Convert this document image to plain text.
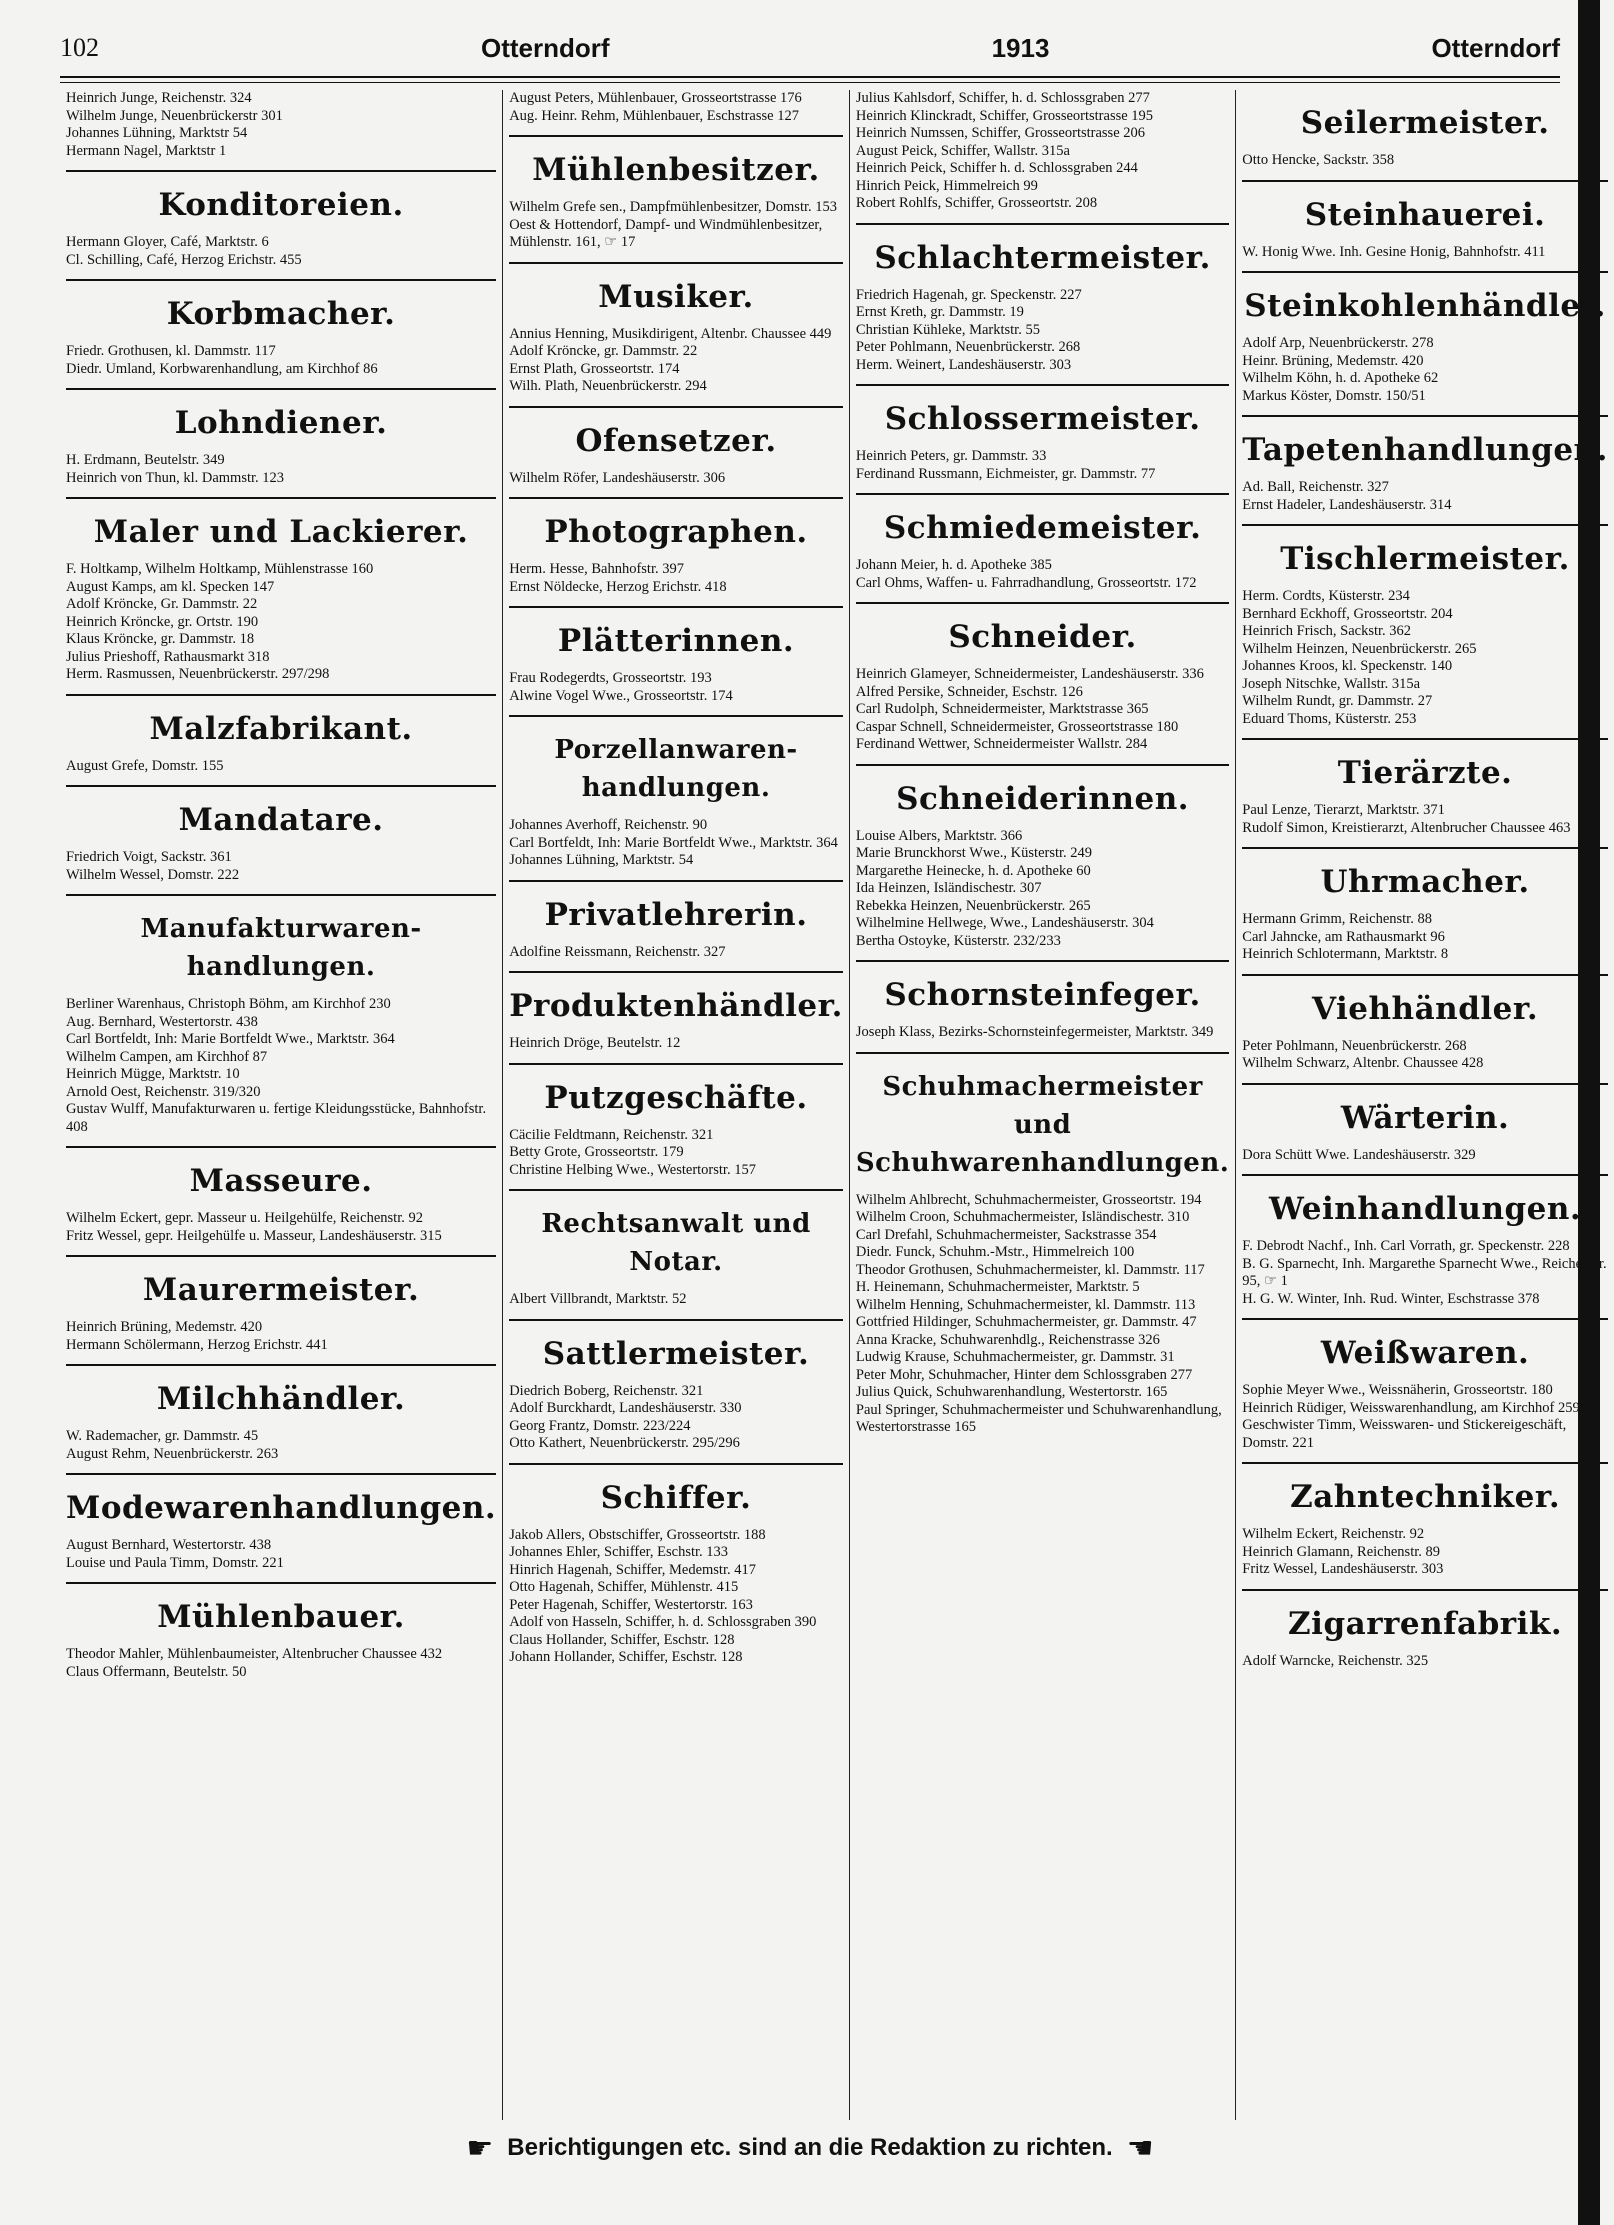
102	Otterndorf	1913	Otterndorf

Heinrich Junge, Reichenstr. 324

Wilhelm Junge, Neuenbrückerstr 301

Johannes Lühning, Marktstr 54

Hermann Nagel, Marktstr 1

Konditoreien.

Hermann Gloyer, Café, Marktstr. 6

Cl. Schilling, Café, Herzog Erichstr. 455

Korbmacher.

Friedr. Grothusen, kl. Dammstr. 117

Diedr. Umland, Korbwarenhandlung, am Kirchhof 86

Lohndiener.

H. Erdmann, Beutelstr. 349

Heinrich von Thun, kl. Dammstr. 123

Maler und Lackierer.

F. Holtkamp, Wilhelm Holtkamp, Mühlenstrasse 160

August Kamps, am kl. Specken 147

Adolf Kröncke, Gr. Dammstr. 22

Heinrich Kröncke, gr. Ortstr. 190

Klaus Kröncke, gr. Dammstr. 18

Julius Prieshoff, Rathausmarkt 318

Herm. Rasmussen, Neuenbrückerstr. 297/298

Malzfabrikant.

August Grefe, Domstr. 155

Mandatare.

Friedrich Voigt, Sackstr. 361

Wilhelm Wessel, Domstr. 222

Manufakturwaren-handlungen.

Berliner Warenhaus, Christoph Böhm, am Kirchhof 230

Aug. Bernhard, Westertorstr. 438

Carl Bortfeldt, Inh: Marie Bortfeldt Wwe., Marktstr. 364

Wilhelm Campen, am Kirchhof 87

Heinrich Mügge, Marktstr. 10

Arnold Oest, Reichenstr. 319/320

Gustav Wulff, Manufakturwaren u. fertige Kleidungsstücke, Bahnhofstr. 408

Masseure.

Wilhelm Eckert, gepr. Masseur u. Heilgehülfe, Reichenstr. 92

Fritz Wessel, gepr. Heilgehülfe u. Masseur, Landeshäuserstr. 315

Maurermeister.

Heinrich Brüning, Medemstr. 420

Hermann Schölermann, Herzog Erichstr. 441

Milchhändler.

W. Rademacher, gr. Dammstr. 45

August Rehm, Neuenbrückerstr. 263

Modewarenhandlungen.

August Bernhard, Westertorstr. 438

Louise und Paula Timm, Domstr. 221

Mühlenbauer.

Theodor Mahler, Mühlenbaumeister, Altenbrucher Chaussee 432

Claus Offermann, Beutelstr. 50

August Peters, Mühlenbauer, Grosseortstrasse 176

Aug. Heinr. Rehm, Mühlenbauer, Eschstrasse 127

Mühlenbesitzer.

Wilhelm Grefe sen., Dampfmühlenbesitzer, Domstr. 153

Oest & Hottendorf, Dampf- und Windmühlenbesitzer, Mühlenstr. 161, ☞ 17

Musiker.

Annius Henning, Musikdirigent, Altenbr. Chaussee 449

Adolf Kröncke, gr. Dammstr. 22

Ernst Plath, Grosseortstr. 174

Wilh. Plath, Neuenbrückerstr. 294

Ofensetzer.

Wilhelm Röfer, Landeshäuserstr. 306

Photographen.

Herm. Hesse, Bahnhofstr. 397

Ernst Nöldecke, Herzog Erichstr. 418

Plätterinnen.

Frau Rodegerdts, Grosseortstr. 193

Alwine Vogel Wwe., Grosseortstr. 174

Porzellanwaren-handlungen.

Johannes Averhoff, Reichenstr. 90

Carl Bortfeldt, Inh: Marie Bortfeldt Wwe., Marktstr. 364

Johannes Lühning, Marktstr. 54

Privatlehrerin.

Adolfine Reissmann, Reichenstr. 327

Produktenhändler.

Heinrich Dröge, Beutelstr. 12

Putzgeschäfte.

Cäcilie Feldtmann, Reichenstr. 321

Betty Grote, Grosseortstr. 179

Christine Helbing Wwe., Westertorstr. 157

Rechtsanwalt und Notar.

Albert Villbrandt, Marktstr. 52

Sattlermeister.

Diedrich Boberg, Reichenstr. 321

Adolf Burckhardt, Landeshäuserstr. 330

Georg Frantz, Domstr. 223/224

Otto Kathert, Neuenbrückerstr. 295/296

Schiffer.

Jakob Allers, Obstschiffer, Grosseortstr. 188

Johannes Ehler, Schiffer, Eschstr. 133

Hinrich Hagenah, Schiffer, Medemstr. 417

Otto Hagenah, Schiffer, Mühlenstr. 415

Peter Hagenah, Schiffer, Westertorstr. 163

Adolf von Hasseln, Schiffer, h. d. Schlossgraben 390

Claus Hollander, Schiffer, Eschstr. 128

Johann Hollander, Schiffer, Eschstr. 128

Julius Kahlsdorf, Schiffer, h. d. Schlossgraben 277

Heinrich Klinckradt, Schiffer, Grosseortstrasse 195

Heinrich Numssen, Schiffer, Grosseortstrasse 206

August Peick, Schiffer, Wallstr. 315a

Heinrich Peick, Schiffer h. d. Schlossgraben 244

Hinrich Peick, Himmelreich 99

Robert Rohlfs, Schiffer, Grosseortstr. 208

Schlachtermeister.

Friedrich Hagenah, gr. Speckenstr. 227

Ernst Kreth, gr. Dammstr. 19

Christian Kühleke, Marktstr. 55

Peter Pohlmann, Neuenbrückerstr. 268

Herm. Weinert, Landeshäuserstr. 303

Schlossermeister.

Heinrich Peters, gr. Dammstr. 33

Ferdinand Russmann, Eichmeister, gr. Dammstr. 77

Schmiedemeister.

Johann Meier, h. d. Apotheke 385

Carl Ohms, Waffen- u. Fahrradhandlung, Grosseortstr. 172

Schneider.

Heinrich Glameyer, Schneidermeister, Landeshäuserstr. 336

Alfred Persike, Schneider, Eschstr. 126

Carl Rudolph, Schneidermeister, Marktstrasse 365

Caspar Schnell, Schneidermeister, Grosseortstrasse 180

Ferdinand Wettwer, Schneidermeister Wallstr. 284

Schneiderinnen.

Louise Albers, Marktstr. 366

Marie Brunckhorst Wwe., Küsterstr. 249

Margarethe Heinecke, h. d. Apotheke 60

Ida Heinzen, Isländischestr. 307

Rebekka Heinzen, Neuenbrückerstr. 265

Wilhelmine Hellwege, Wwe., Landeshäuserstr. 304

Bertha Ostoyke, Küsterstr. 232/233

Schornsteinfeger.

Joseph Klass, Bezirks-Schornsteinfegermeister, Marktstr. 349

Schuhmachermeister und Schuhwarenhandlungen.

Wilhelm Ahlbrecht, Schuhmachermeister, Grosseortstr. 194

Wilhelm Croon, Schuhmachermeister, Isländischestr. 310

Carl Drefahl, Schuhmachermeister, Sackstrasse 354

Diedr. Funck, Schuhm.-Mstr., Himmelreich 100

Theodor Grothusen, Schuhmachermeister, kl. Dammstr. 117

H. Heinemann, Schuhmachermeister, Marktstr. 5

Wilhelm Henning, Schuhmachermeister, kl. Dammstr. 113

Gottfried Hildinger, Schuhmachermeister, gr. Dammstr. 47

Anna Kracke, Schuhwarenhdlg., Reichenstrasse 326

Ludwig Krause, Schuhmachermeister, gr. Dammstr. 31

Peter Mohr, Schuhmacher, Hinter dem Schlossgraben 277

Julius Quick, Schuhwarenhandlung, Westertorstr. 165

Paul Springer, Schuhmachermeister und Schuhwarenhandlung, Westertorstrasse 165

Seilermeister.

Otto Hencke, Sackstr. 358

Steinhauerei.

W. Honig Wwe. Inh. Gesine Honig, Bahnhofstr. 411

Steinkohlenhändler.

Adolf Arp, Neuenbrückerstr. 278

Heinr. Brüning, Medemstr. 420

Wilhelm Köhn, h. d. Apotheke 62

Markus Köster, Domstr. 150/51

Tapetenhandlungen.

Ad. Ball, Reichenstr. 327

Ernst Hadeler, Landeshäuserstr. 314

Tischlermeister.

Herm. Cordts, Küsterstr. 234

Bernhard Eckhoff, Grosseortstr. 204

Heinrich Frisch, Sackstr. 362

Wilhelm Heinzen, Neuenbrückerstr. 265

Johannes Kroos, kl. Speckenstr. 140

Joseph Nitschke, Wallstr. 315a

Wilhelm Rundt, gr. Dammstr. 27

Eduard Thoms, Küsterstr. 253

Tierärzte.

Paul Lenze, Tierarzt, Marktstr. 371

Rudolf Simon, Kreistierarzt, Altenbrucher Chaussee 463

Uhrmacher.

Hermann Grimm, Reichenstr. 88

Carl Jahncke, am Rathausmarkt 96

Heinrich Schlotermann, Marktstr. 8

Viehhändler.

Peter Pohlmann, Neuenbrückerstr. 268

Wilhelm Schwarz, Altenbr. Chaussee 428

Wärterin.

Dora Schütt Wwe. Landeshäuserstr. 329

Weinhandlungen.

F. Debrodt Nachf., Inh. Carl Vorrath, gr. Speckenstr. 228

B. G. Sparnecht, Inh. Margarethe Sparnecht Wwe., Reichenstr. 95, ☞ 1

H. G. W. Winter, Inh. Rud. Winter, Eschstrasse 378

Weißwaren.

Sophie Meyer Wwe., Weissnäherin, Grosseortstr. 180

Heinrich Rüdiger, Weisswarenhandlung, am Kirchhof 259

Geschwister Timm, Weisswaren- und Stickereigeschäft, Domstr. 221

Zahntechniker.

Wilhelm Eckert, Reichenstr. 92

Heinrich Glamann, Reichenstr. 89

Fritz Wessel, Landeshäuserstr. 303

Zigarrenfabrik.

Adolf Warncke, Reichenstr. 325

☛ Berichtigungen etc. sind an die Redaktion zu richten. ☚
